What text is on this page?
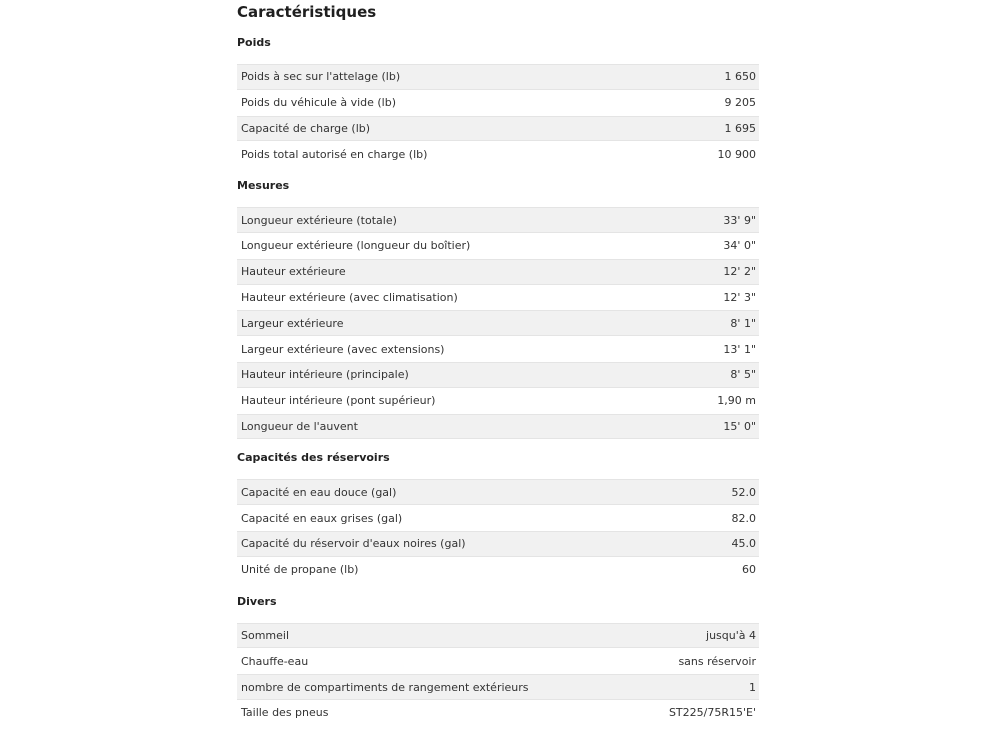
Caractéristiques
Poids
Poids à sec sur l'attelage (lb)	1 650
Poids du véhicule à vide (lb)	9 205
Capacité de charge (lb)	1 695
Poids total autorisé en charge (lb)	10 900
Mesures
Longueur extérieure (totale)	33' 9"
Longueur extérieure (longueur du boîtier)	34' 0"
Hauteur extérieure	12' 2"
Hauteur extérieure (avec climatisation)	12' 3"
Largeur extérieure	8' 1"
Largeur extérieure (avec extensions)	13' 1"
Hauteur intérieure (principale)	8' 5"
Hauteur intérieure (pont supérieur)	1,90 m
Longueur de l'auvent	15' 0"
Capacités des réservoirs
Capacité en eau douce (gal)	52.0
Capacité en eaux grises (gal)	82.0
Capacité du réservoir d'eaux noires (gal)	45.0
Unité de propane (lb)	60
Divers
Sommeil	jusqu'à 4
Chauffe-eau	sans réservoir
nombre de compartiments de rangement extérieurs	1
Taille des pneus	ST225/75R15'E'
